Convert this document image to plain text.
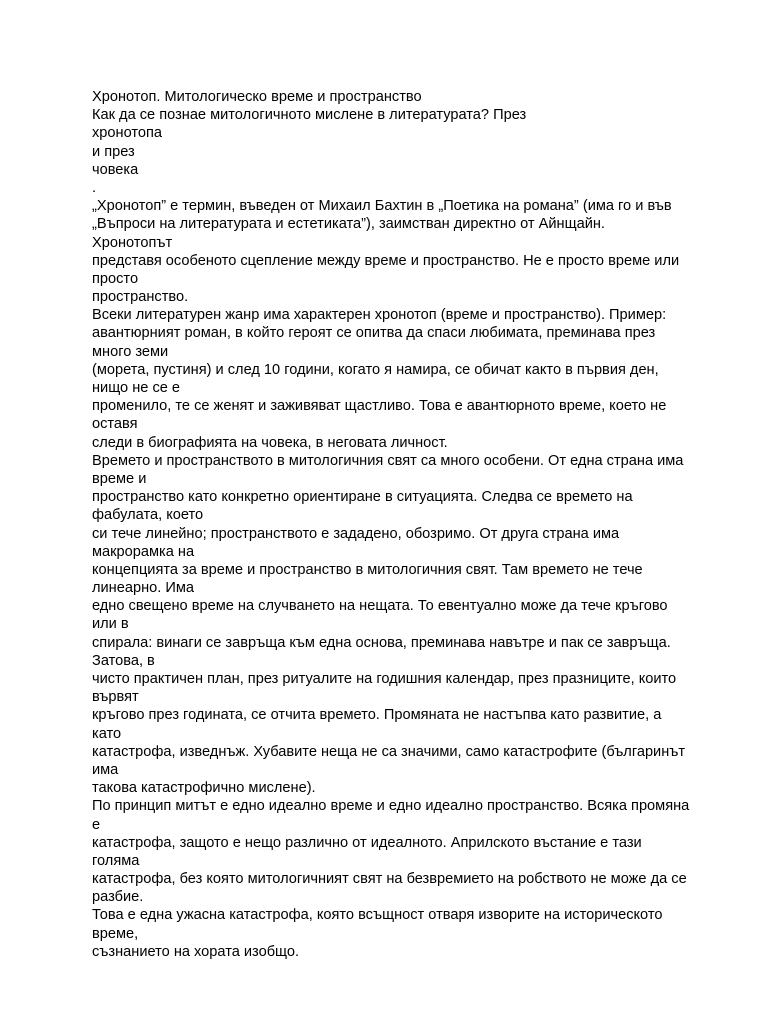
Хронотоп. Митологическо време и пространство
Как да се познае митологичното мислене в литературата? През
хронотопа
и през
човека
.
„Хронотоп” е термин, въведен от Михаил Бахтин в „Поетика на романа” (има го и във
„Въпроси на литературата и естетиката”), заимстван директно от Айнщайн.
Хронотопът
представя особеното сцепление между време и пространство. Не е просто време или
просто
пространство.
Всеки литературен жанр има характерен хронотоп (време и пространство). Пример:
авантюрният роман, в който героят се опитва да спаси любимата, преминава през
много земи
(морета, пустиня) и след 10 години, когато я намира, се обичат както в първия ден,
нищо не се е
променило, те се женят и заживяват щастливо. Това е авантюрното време, което не
оставя
следи в биографията на човека, в неговата личност.
Времето и пространството в митологичния свят са много особени. От една страна има
време и
пространство като конкретно ориентиране в ситуацията. Следва се времето на
фабулата, което
си тече линейно; пространството е зададено, обозримо. От друга страна има
макрорамка на
концепцията за време и пространство в митологичния свят. Там времето не тече
линеарно. Има
едно свещено време на случването на нещата. То евентуално може да тече кръгово
или в
спирала: винаги се завръща към една основа, преминава навътре и пак се завръща.
Затова, в
чисто практичен план, през ритуалите на годишния календар, през празниците, които
вървят
кръгово през годината, се отчита времето. Промяната не настъпва като развитие, а
като
катастрофа, изведнъж. Хубавите неща не са значими, само катастрофите (българинът
има
такова катастрофично мислене).
По принцип митът е едно идеално време и едно идеално пространство. Всяка промяна
е
катастрофа, защото е нещо различно от идеалното. Априлското въстание е тази
голяма
катастрофа, без която митологичният свят на безвремието на робството не може да се
разбие.
Това е една ужасна катастрофа, която всъщност отваря изворите на историческото
време,
съзнанието на хората изобщо.
